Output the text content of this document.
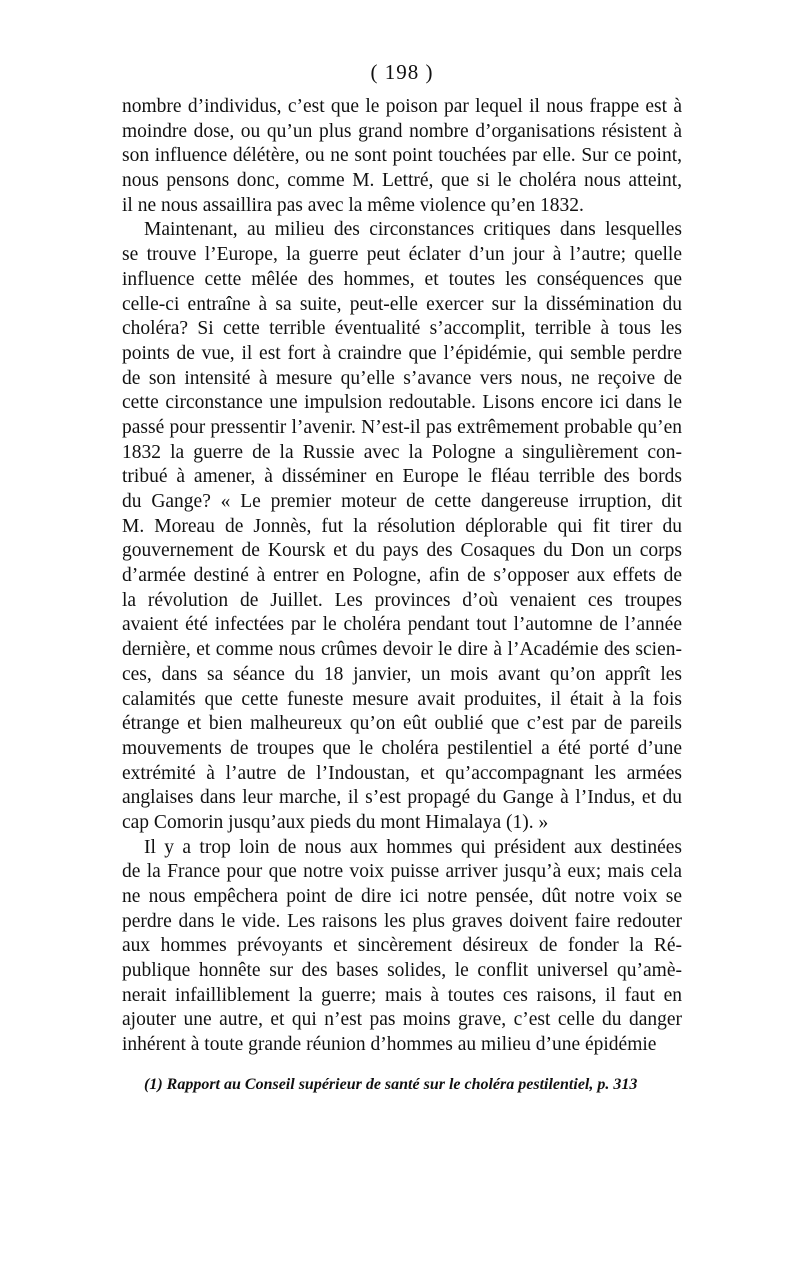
( 198 )
nombre d’individus, c’est que le poison par lequel il nous frappe est à
moindre dose, ou qu’un plus grand nombre d’organisations résistent à
son influence délétère, ou ne sont point touchées par elle. Sur ce point,
nous pensons donc, comme M. Lettré, que si le choléra nous atteint,
il ne nous assaillira pas avec la même violence qu’en 1832.
Maintenant, au milieu des circonstances critiques dans lesquelles
se trouve l’Europe, la guerre peut éclater d’un jour à l’autre; quelle
influence cette mêlée des hommes, et toutes les conséquences que
celle-ci entraîne à sa suite, peut-elle exercer sur la dissémination du
choléra? Si cette terrible éventualité s’accomplit, terrible à tous les
points de vue, il est fort à craindre que l’épidémie, qui semble perdre
de son intensité à mesure qu’elle s’avance vers nous, ne reçoive de
cette circonstance une impulsion redoutable. Lisons encore ici dans le
passé pour pressentir l’avenir. N’est-il pas extrêmement probable qu’en
1832 la guerre de la Russie avec la Pologne a singulièrement con-
tribué à amener, à disséminer en Europe le fléau terrible des bords
du Gange? « Le premier moteur de cette dangereuse irruption, dit
M. Moreau de Jonnès, fut la résolution déplorable qui fit tirer du
gouvernement de Koursk et du pays des Cosaques du Don un corps
d’armée destiné à entrer en Pologne, afin de s’opposer aux effets de
la révolution de Juillet. Les provinces d’où venaient ces troupes
avaient été infectées par le choléra pendant tout l’automne de l’année
dernière, et comme nous crûmes devoir le dire à l’Académie des scien-
ces, dans sa séance du 18 janvier, un mois avant qu’on apprît les
calamités que cette funeste mesure avait produites, il était à la fois
étrange et bien malheureux qu’on eût oublié que c’est par de pareils
mouvements de troupes que le choléra pestilentiel a été porté d’une
extrémité à l’autre de l’Indoustan, et qu’accompagnant les armées
anglaises dans leur marche, il s’est propagé du Gange à l’Indus, et du
cap Comorin jusqu’aux pieds du mont Himalaya (1). »
Il y a trop loin de nous aux hommes qui président aux destinées
de la France pour que notre voix puisse arriver jusqu’à eux; mais cela
ne nous empêchera point de dire ici notre pensée, dût notre voix se
perdre dans le vide. Les raisons les plus graves doivent faire redouter
aux hommes prévoyants et sincèrement désireux de fonder la Ré-
publique honnête sur des bases solides, le conflit universel qu’amè-
nerait infailliblement la guerre; mais à toutes ces raisons, il faut en
ajouter une autre, et qui n’est pas moins grave, c’est celle du danger
inhérent à toute grande réunion d’hommes au milieu d’une épidémie
(1) Rapport au Conseil supérieur de santé sur le choléra pestilentiel, p. 313
